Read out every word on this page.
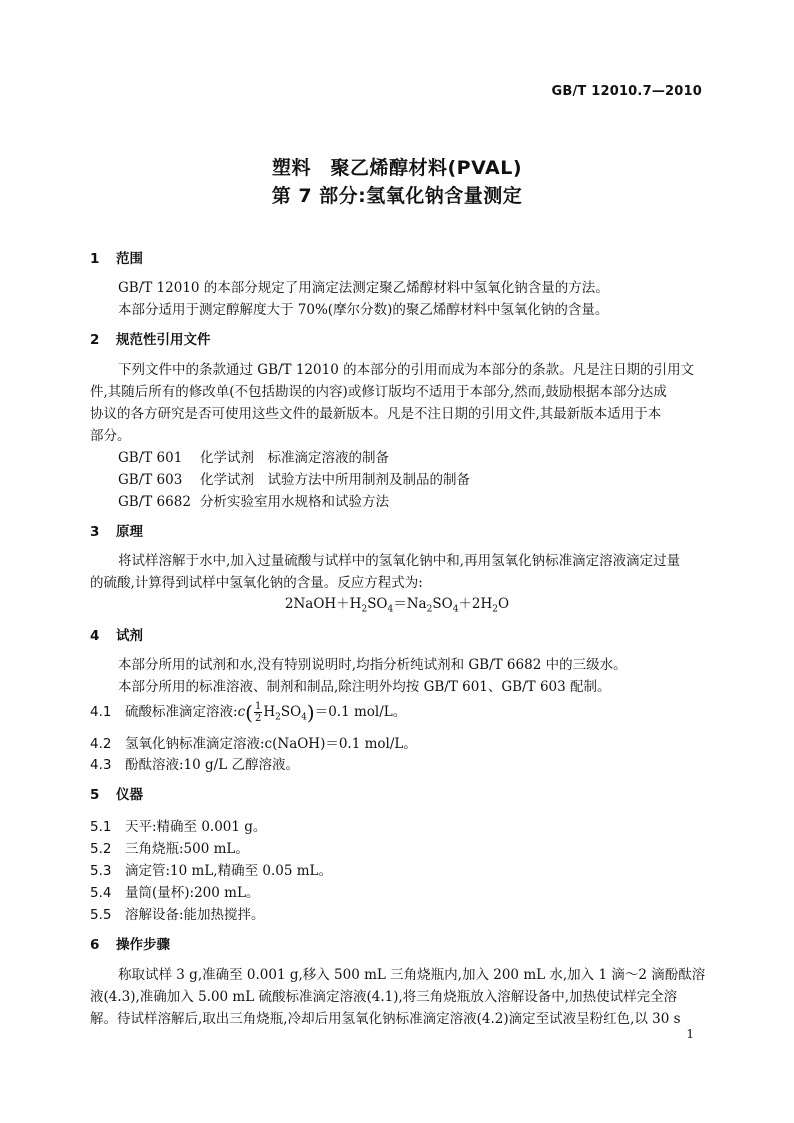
GB/T 12010.7—2010
塑料　聚乙烯醇材料(PVAL)
第 7 部分:氢氧化钠含量测定
1 范围
GB/T 12010 的本部分规定了用滴定法测定聚乙烯醇材料中氢氧化钠含量的方法。
本部分适用于测定醇解度大于 70%(摩尔分数)的聚乙烯醇材料中氢氧化钠的含量。
2 规范性引用文件
下列文件中的条款通过 GB/T 12010 的本部分的引用而成为本部分的条款。凡是注日期的引用文
件,其随后所有的修改单(不包括勘误的内容)或修订版均不适用于本部分,然而,鼓励根据本部分达成
协议的各方研究是否可使用这些文件的最新版本。凡是不注日期的引用文件,其最新版本适用于本
部分。
GB/T 601 化学试剂　标准滴定溶液的制备
GB/T 603 化学试剂　试验方法中所用制剂及制品的制备
GB/T 6682 分析实验室用水规格和试验方法
3 原理
将试样溶解于水中,加入过量硫酸与试样中的氢氧化钠中和,再用氢氧化钠标准滴定溶液滴定过量
的硫酸,计算得到试样中氢氧化钠的含量。反应方程式为:
$2NaOH+H_2SO_4=Na_2SO_4+2H_2O$
4 试剂
本部分所用的试剂和水,没有特别说明时,均指分析纯试剂和 GB/T 6682 中的三级水。
本部分所用的标准溶液、制剂和制品,除注明外均按 GB/T 601、GB/T 603 配制。
4.1 硫酸标准滴定溶液:c( $\frac{1}{2} H_2SO_4)=0.1$ mol/L。
4.2 氢氧化钠标准滴定溶液:c(NaOH)＝0.1 mol/L。
4.3 酚酞溶液:10 g/L 乙醇溶液。
5 仪器
5.1 天平:精确至 0.001 g。
5.2 三角烧瓶:500 mL。
5.3 滴定管:10 mL,精确至 0.05 mL。
5.4 量筒(量杯):200 mL。
5.5 溶解设备:能加热搅拌。
6 操作步骤
称取试样 3 g,准确至 0.001 g,移入 500 mL 三角烧瓶内,加入 200 mL 水,加入 1 滴～2 滴酚酞溶
液(4.3),准确加入 5.00 mL 硫酸标准滴定溶液(4.1),将三角烧瓶放入溶解设备中,加热使试样完全溶
解。待试样溶解后,取出三角烧瓶,冷却后用氢氧化钠标准滴定溶液(4.2)滴定至试液呈粉红色,以 30 s
1
